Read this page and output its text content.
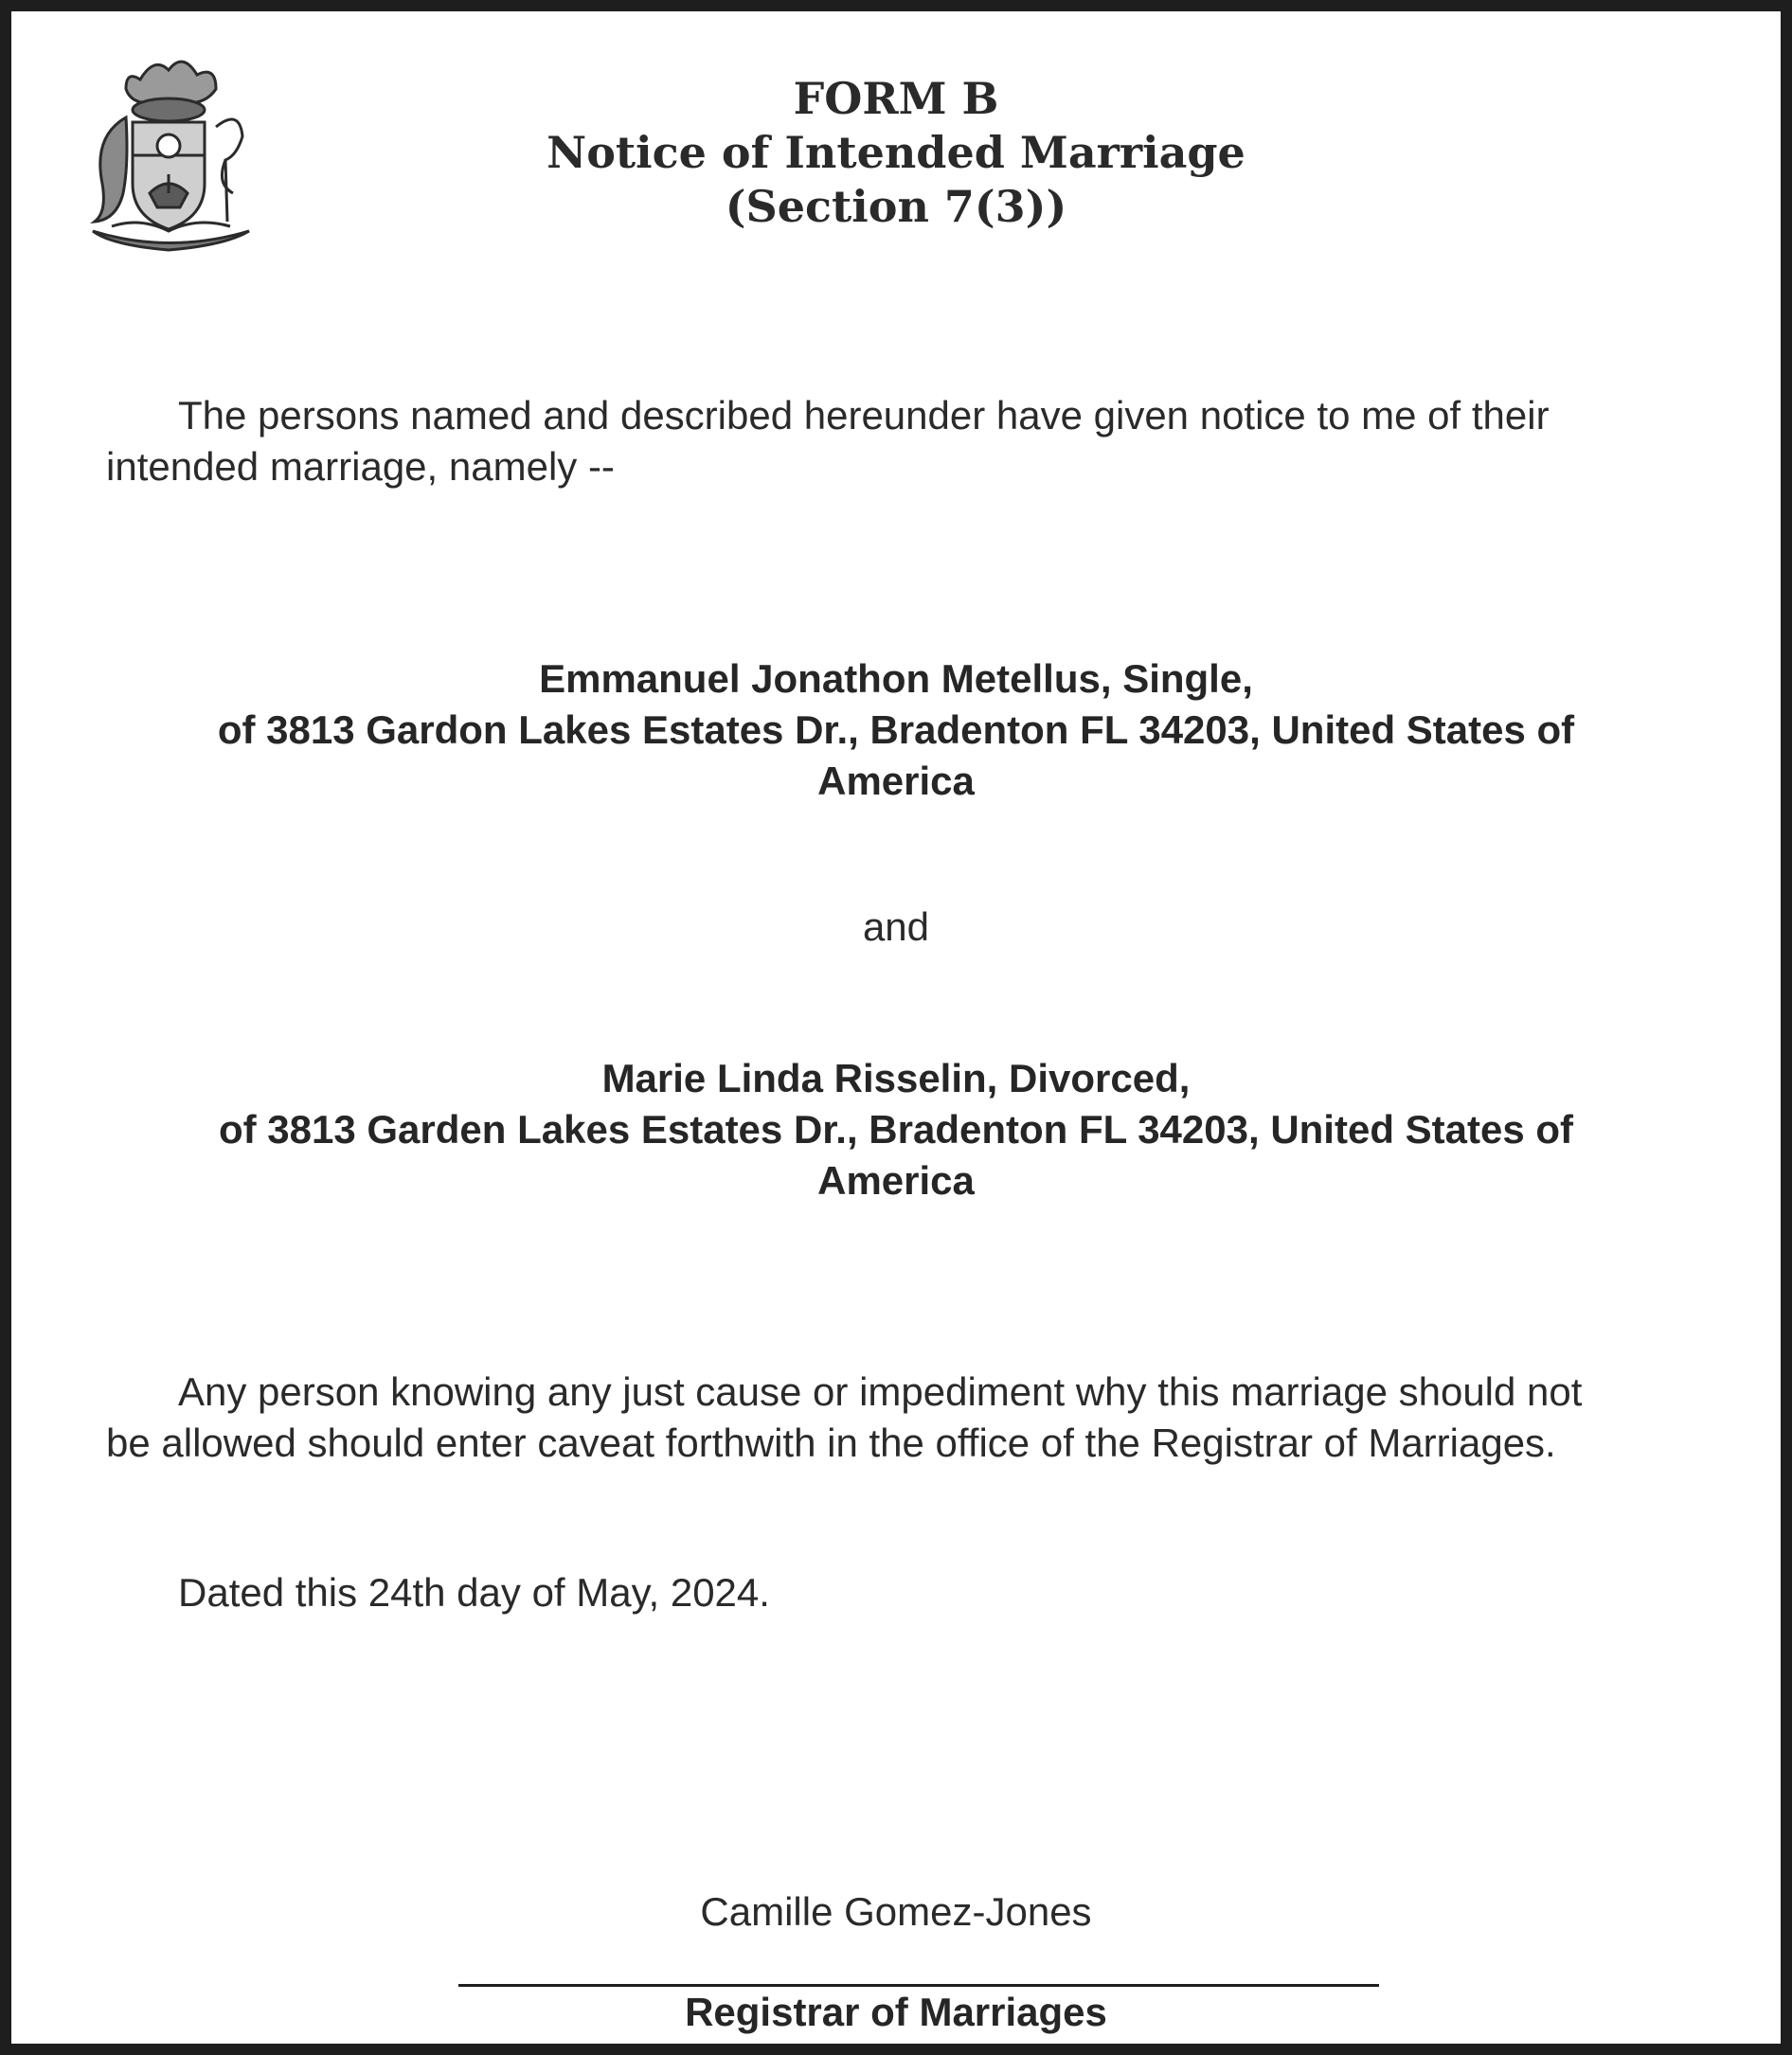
FORM B
Notice of Intended Marriage
(Section 7(3))
The persons named and described hereunder have given notice to me of their
intended marriage, namely --
Emmanuel Jonathon Metellus, Single,
of 3813 Gardon Lakes Estates Dr., Bradenton FL 34203, United States of
America
and
Marie Linda Risselin, Divorced,
of 3813 Garden Lakes Estates Dr., Bradenton FL 34203, United States of
America
Any person knowing any just cause or impediment why this marriage should not
be allowed should enter caveat forthwith in the office of the Registrar of Marriages.
Dated this 24th day of May, 2024.
Camille Gomez-Jones
Registrar of Marriages
